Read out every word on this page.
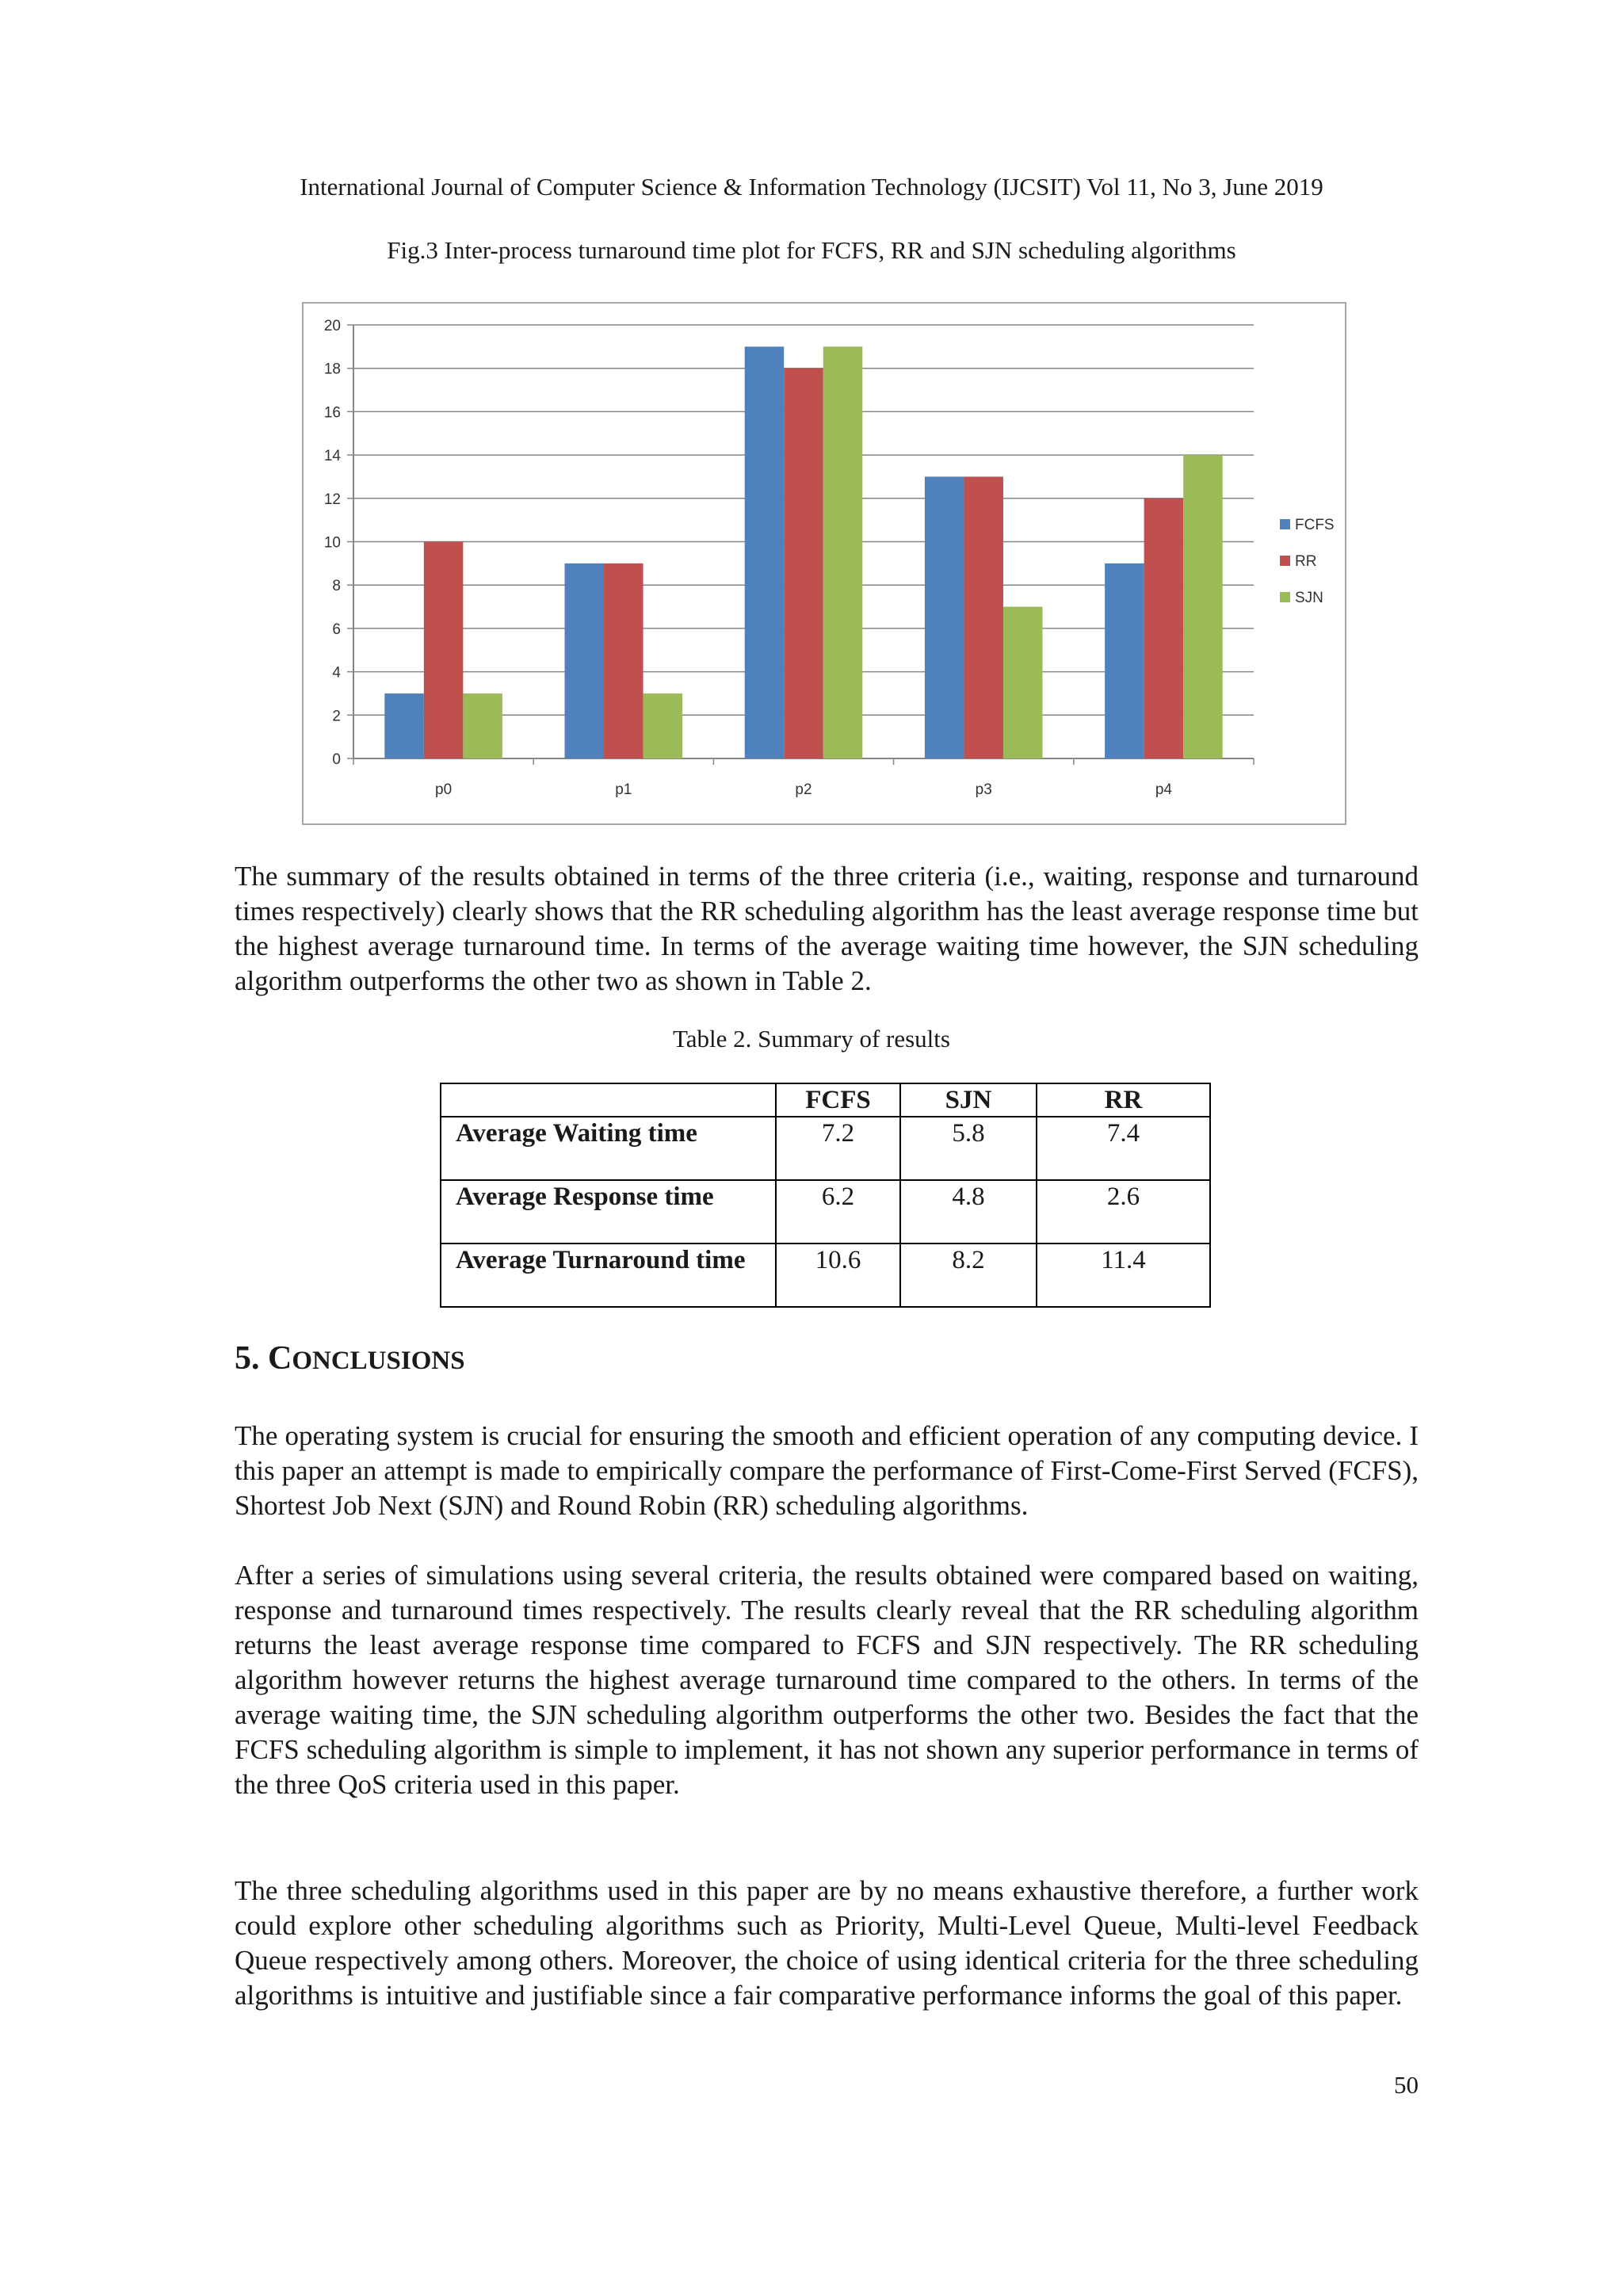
International Journal of Computer Science & Information Technology (IJCSIT) Vol 11, No 3, June 2019
Fig.3 Inter-process turnaround time plot for FCFS, RR and SJN scheduling algorithms
0
2
4
6
8
10
12
14
16
18
20
p0	p1	p2	p3	p4
FCFS
RR
SJN
The summary of the results obtained in terms of the three criteria (i.e., waiting, response and turnaround times respectively) clearly shows that the RR scheduling algorithm has the least average response time but the highest average turnaround time. In terms of the average waiting time however, the SJN scheduling algorithm outperforms the other two as shown in Table 2.
Table 2. Summary of results
	FCFS	SJN	RR
Average Waiting time	7.2	5.8	7.4
Average Response time	6.2	4.8	2.6
Average Turnaround time	10.6	8.2	11.4
5. CONCLUSIONS
The operating system is crucial for ensuring the smooth and efficient operation of any computing device. I this paper an attempt is made to empirically compare the performance of First-Come-First Served (FCFS), Shortest Job Next (SJN) and Round Robin (RR) scheduling algorithms.
After a series of simulations using several criteria, the results obtained were compared based on waiting, response and turnaround times respectively. The results clearly reveal that the RR scheduling algorithm returns the least average response time compared to FCFS and SJN respectively. The RR scheduling algorithm however returns the highest average turnaround time compared to the others. In terms of the average waiting time, the SJN scheduling algorithm outperforms the other two. Besides the fact that the FCFS scheduling algorithm is simple to implement, it has not shown any superior performance in terms of the three QoS criteria used in this paper.
The three scheduling algorithms used in this paper are by no means exhaustive therefore, a further work could explore other scheduling algorithms such as Priority, Multi-Level Queue, Multi-level Feedback Queue respectively among others. Moreover, the choice of using identical criteria for the three scheduling algorithms is intuitive and justifiable since a fair comparative performance informs the goal of this paper.
50
